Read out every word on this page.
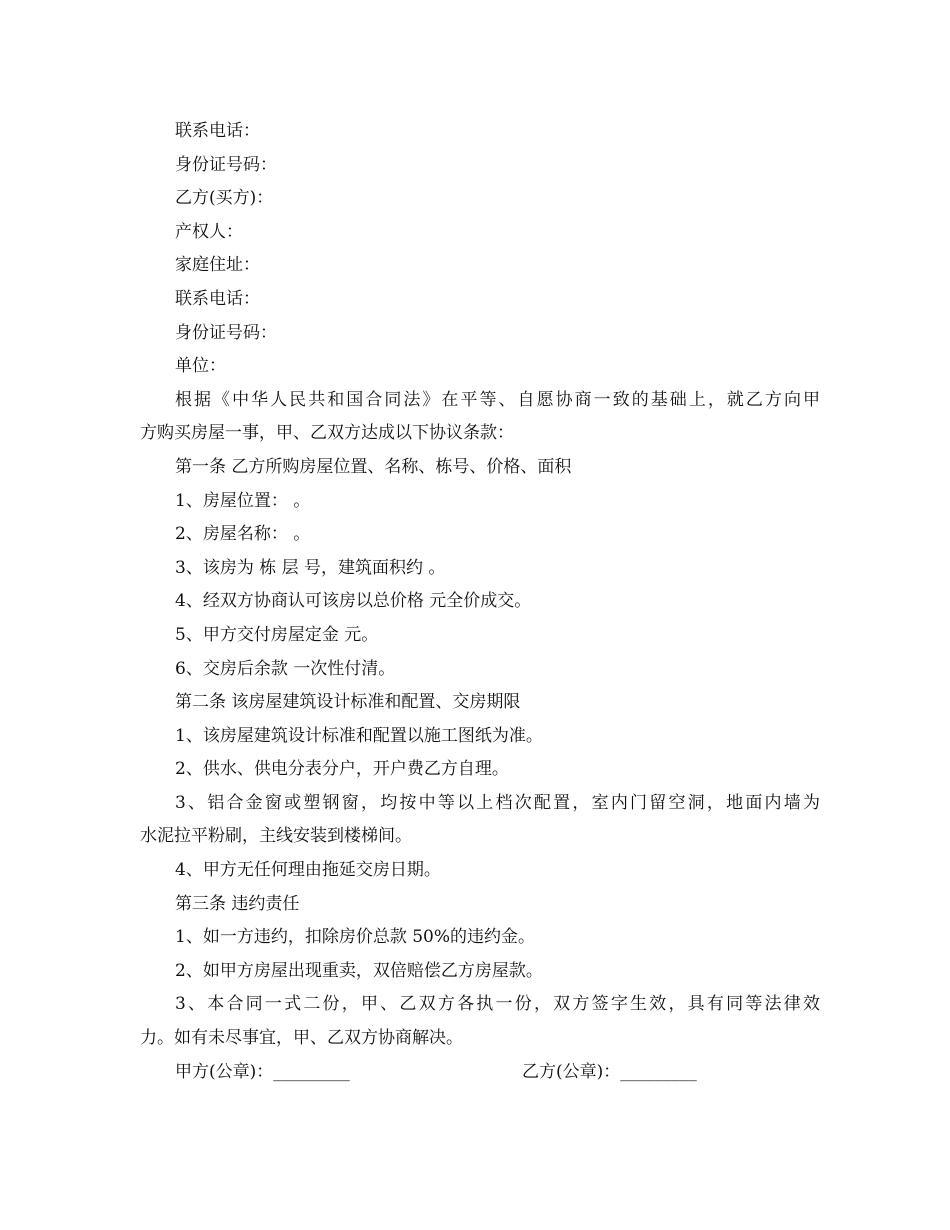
联系电话：
身份证号码：
乙方(买方)：
产权人：
家庭住址：
联系电话：
身份证号码：
单位：
根据《中华人民共和国合同法》在平等、自愿协商一致的基础上，就乙方向甲
方购买房屋一事，甲、乙双方达成以下协议条款：
第一条 乙方所购房屋位置、名称、栋号、价格、面积
1、房屋位置： 。
2、房屋名称： 。
3、该房为 栋 层 号，建筑面积约 。
4、经双方协商认可该房以总价格 元全价成交。
5、甲方交付房屋定金 元。
6、交房后余款 一次性付清。
第二条 该房屋建筑设计标准和配置、交房期限
1、该房屋建筑设计标准和配置以施工图纸为准。
2、供水、供电分表分户，开户费乙方自理。
3、铝合金窗或塑钢窗，均按中等以上档次配置，室内门留空洞，地面内墙为
水泥拉平粉刷，主线安装到楼梯间。
4、甲方无任何理由拖延交房日期。
第三条 违约责任
1、如一方违约，扣除房价总款 50%的违约金。
2、如甲方房屋出现重卖，双倍赔偿乙方房屋款。
3、本合同一式二份，甲、乙双方各执一份，双方签字生效，具有同等法律效
力。如有未尽事宜，甲、乙双方协商解决。
甲方(公章)：_________	乙方(公章)：_________
